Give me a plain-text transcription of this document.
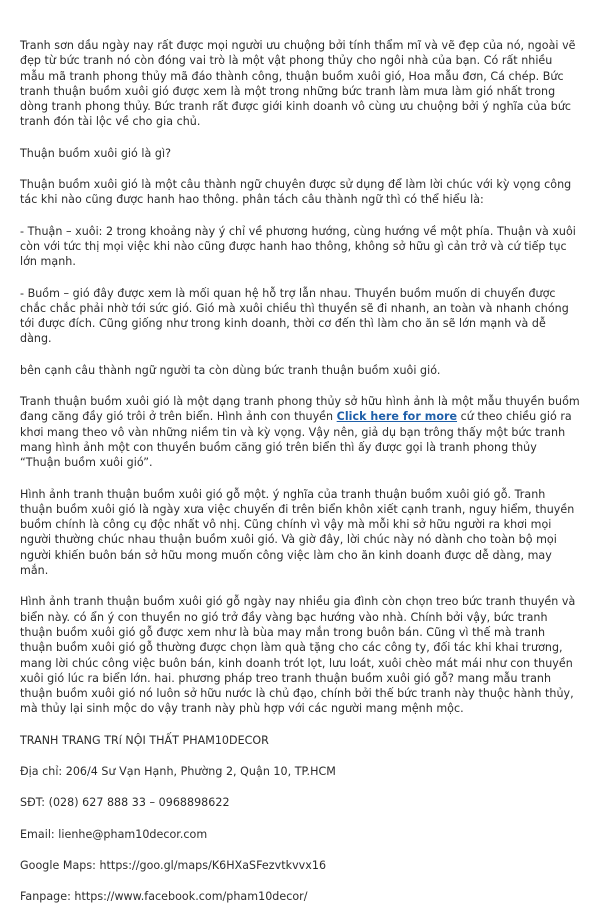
Tranh sơn dầu ngày nay rất được mọi người ưu chuộng bởi tính thẩm mĩ và vẽ đẹp của nó, ngoài vẽ đẹp từ bức tranh nó còn đóng vai trò là một vật phong thủy cho ngôi nhà của bạn. Có rất nhiều mẫu mã tranh phong thủy mã đáo thành công, thuận buồm xuôi gió, Hoa mẫu đơn, Cá chép. Bức tranh thuận buồm xuôi gió được xem là một trong những bức tranh làm mưa làm gió nhất trong dòng tranh phong thủy. Bức tranh rất được giới kinh doanh vô cùng ưu chuộng bởi ý nghĩa của bức tranh đón tài lộc về cho gia chủ.

Thuận buồm xuôi gió là gì?

Thuận buồm xuôi gió là một câu thành ngữ chuyên được sử dụng để làm lời chúc với kỳ vọng công tác khi nào cũng được hanh hao thông. phân tách câu thành ngữ thì có thể hiểu là:

- Thuận – xuôi: 2 trong khoảng này ý chỉ về phương hướng, cùng hướng về một phía. Thuận và xuôi còn với tức thị mọi việc khi nào cũng được hanh hao thông, không sở hữu gì cản trở và cứ tiếp tục lớn mạnh.

- Buồm – gió đây được xem là mối quan hệ hỗ trợ lẫn nhau. Thuyền buồm muốn di chuyển được chắc chắc phải nhờ tới sức gió. Gió mà xuôi chiều thì thuyền sẽ đi nhanh, an toàn và nhanh chóng tới được đích. Cũng giống như trong kinh doanh, thời cơ đến thì làm cho ăn sẽ lớn mạnh và dễ dàng.

bên cạnh câu thành ngữ người ta còn dùng bức tranh thuận buồm xuôi gió.

Tranh thuận buồm xuôi gió là một dạng tranh phong thủy sở hữu hình ảnh là một mẫu thuyền buồm đang căng đầy gió trôi ở trên biển. Hình ảnh con thuyền Click here for more cứ theo chiều gió ra khơi mang theo vô vàn những niềm tin và kỳ vọng. Vậy nên, giả dụ bạn trông thấy một bức tranh mang hình ảnh một con thuyền buồm căng gió trên biển thì ấy được gọi là tranh phong thủy “Thuận buồm xuôi gió”.

Hình ảnh tranh thuận buồm xuôi gió gỗ một. ý nghĩa của tranh thuận buồm xuôi gió gỗ. Tranh thuận buồm xuôi gió là ngày xưa việc chuyến đi trên biển khôn xiết cạnh tranh, nguy hiểm, thuyền buồm chính là công cụ độc nhất vô nhị. Cũng chính vì vậy mà mỗi khi sở hữu người ra khơi mọi người thường chúc nhau thuận buồm xuôi gió. Và giờ đây, lời chúc này nó dành cho toàn bộ mọi người khiến buôn bán sở hữu mong muốn công việc làm cho ăn kinh doanh được dễ dàng, may mắn.

Hình ảnh tranh thuận buồm xuôi gió gỗ ngày nay nhiều gia đình còn chọn treo bức tranh thuyền và biển này. có ẩn ý con thuyền no gió trở đầy vàng bạc hướng vào nhà. Chính bởi vậy, bức tranh thuận buồm xuôi gió gỗ được xem như là bùa may mắn trong buôn bán. Cũng vì thế mà tranh thuận buồm xuôi gió gỗ thường được chọn làm quà tặng cho các công ty, đối tác khi khai trương, mang lời chúc công việc buôn bán, kinh doanh trót lọt, lưu loát, xuôi chèo mát mái như con thuyền xuôi gió lúc ra biển lớn. hai. phương pháp treo tranh thuận buồm xuôi gió gỗ? mang mẫu tranh thuận buồm xuôi gió nó luôn sở hữu nước là chủ đạo, chính bởi thế bức tranh này thuộc hành thủy, mà thủy lại sinh mộc do vậy tranh này phù hợp với các người mang mệnh mộc.

TRANH TRANG TRí NỘI THẤT PHAM10DECOR

Địa chỉ: 206/4 Sư Vạn Hạnh, Phường 2, Quận 10, TP.HCM

SĐT: (028) 627 888 33 – 0968898622

Email: lienhe@pham10decor.com

Google Maps: https://goo.gl/maps/K6HXaSFezvtkvvx16

Fanpage: https://www.facebook.com/pham10decor/
